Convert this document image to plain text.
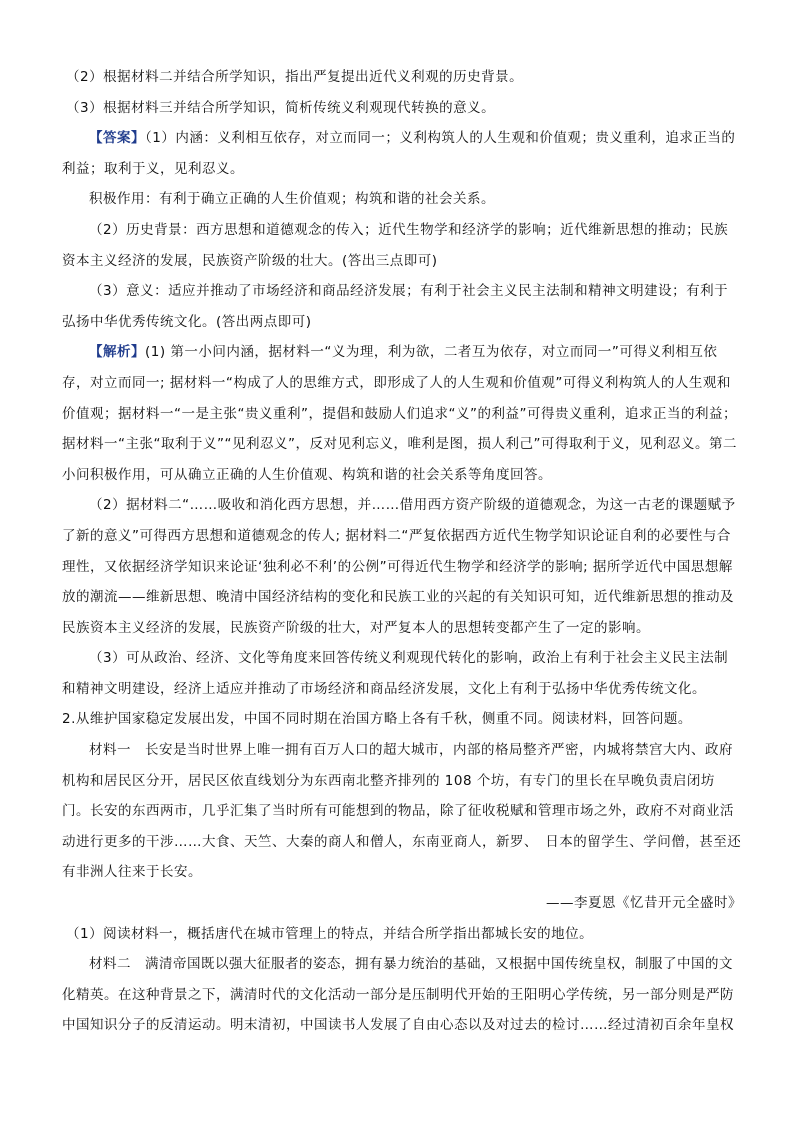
（2）根据材料二并结合所学知识，指出严复提出近代义利观的历史背景。

（3）根据材料三并结合所学知识，简析传统义利观现代转换的意义。

【答案】（1）内涵：义利相互依存，对立而同一；义利构筑人的人生观和价值观；贵义重利，追求正当的利益；取利于义，见利忍义。

积极作用：有利于确立正确的人生价值观；构筑和谐的社会关系。

（2）历史背景：西方思想和道德观念的传入；近代生物学和经济学的影响；近代维新思想的推动；民族资本主义经济的发展，民族资产阶级的壮大。(答出三点即可)

（3）意义：适应并推动了市场经济和商品经济发展；有利于社会主义民主法制和精神文明建设；有利于弘扬中华优秀传统文化。(答出两点即可)

【解析】(1) 第一小问内涵，据材料一“义为理，利为欲，二者互为依存，对立而同一”可得义利相互依存，对立而同一; 据材料一“构成了人的思维方式，即形成了人的人生观和价值观”可得义利构筑人的人生观和价值观；据材料一“一是主张“贵义重利”，提倡和鼓励人们追求“义”的利益”可得贵义重利，追求正当的利益；据材料一“主张“取利于义”“见利忍义”，反对见利忘义，唯利是图，损人利己”可得取利于义，见利忍义。第二小问积极作用，可从确立正确的人生价值观、构筑和谐的社会关系等角度回答。

（2）据材料二“……吸收和消化西方思想，并……借用西方资产阶级的道德观念，为这一古老的课题赋予了新的意义”可得西方思想和道德观念的传人; 据材料二“严复依据西方近代生物学知识论证自利的必要性与合理性，又依据经济学知识来论证‘独利必不利’的公例”可得近代生物学和经济学的影响; 据所学近代中国思想解放的潮流——维新思想、晚清中国经济结构的变化和民族工业的兴起的有关知识可知，近代维新思想的推动及民族资本主义经济的发展，民族资产阶级的壮大，对严复本人的思想转变都产生了一定的影响。

（3）可从政治、经济、文化等角度来回答传统义利观现代转化的影响，政治上有利于社会主义民主法制和精神文明建设，经济上适应并推动了市场经济和商品经济发展，文化上有利于弘扬中华优秀传统文化。

2.从维护国家稳定发展出发，中国不同时期在治国方略上各有千秋，侧重不同。阅读材料，回答问题。

材料一　长安是当时世界上唯一拥有百万人口的超大城市，内部的格局整齐严密，内城将禁宫大内、政府机构和居民区分开，居民区依直线划分为东西南北整齐排列的 108 个坊，有专门的里长在早晚负责启闭坊门。长安的东西两市，几乎汇集了当时所有可能想到的物品，除了征收税赋和管理市场之外，政府不对商业活动进行更多的干涉……大食、天竺、大秦的商人和僧人，东南亚商人，新罗、　日本的留学生、学问僧，甚至还有非洲人往来于长安。

——李夏恩《忆昔开元全盛时》

（1）阅读材料一，概括唐代在城市管理上的特点，并结合所学指出都城长安的地位。

材料二　满清帝国既以强大征服者的姿态，拥有暴力统治的基础，又根据中国传统皇权，制服了中国的文化精英。在这种背景之下，满清时代的文化活动一部分是压制明代开始的王阳明心学传统，另一部分则是严防中国知识分子的反清运动。明末清初，中国读书人发展了自由心态以及对过去的检讨……经过清初百余年皇权
